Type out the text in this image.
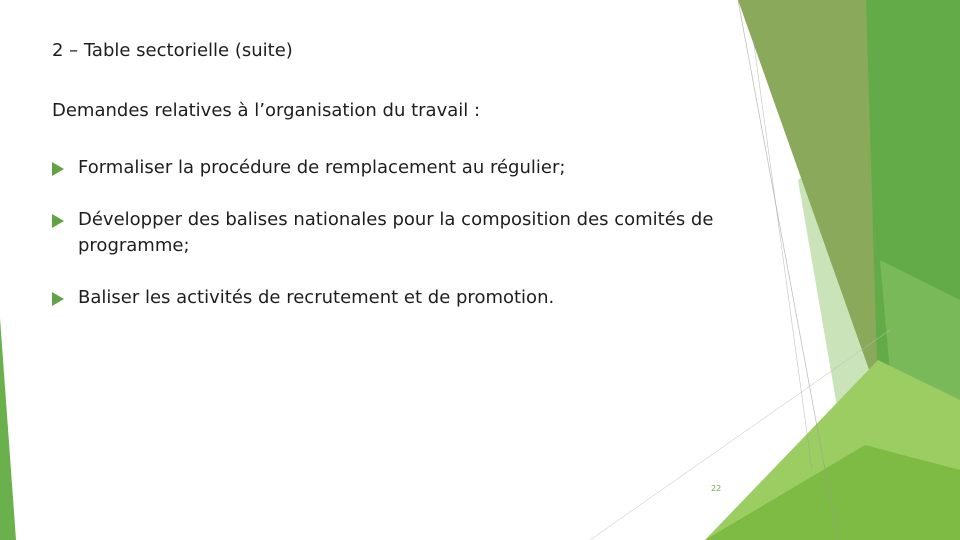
2 – Table sectorielle (suite)
Demandes relatives à l’organisation du travail :
Formaliser la procédure de remplacement au régulier;
Développer des balises nationales pour la composition des comités de programme;
Baliser les activités de recrutement et de promotion.
22
